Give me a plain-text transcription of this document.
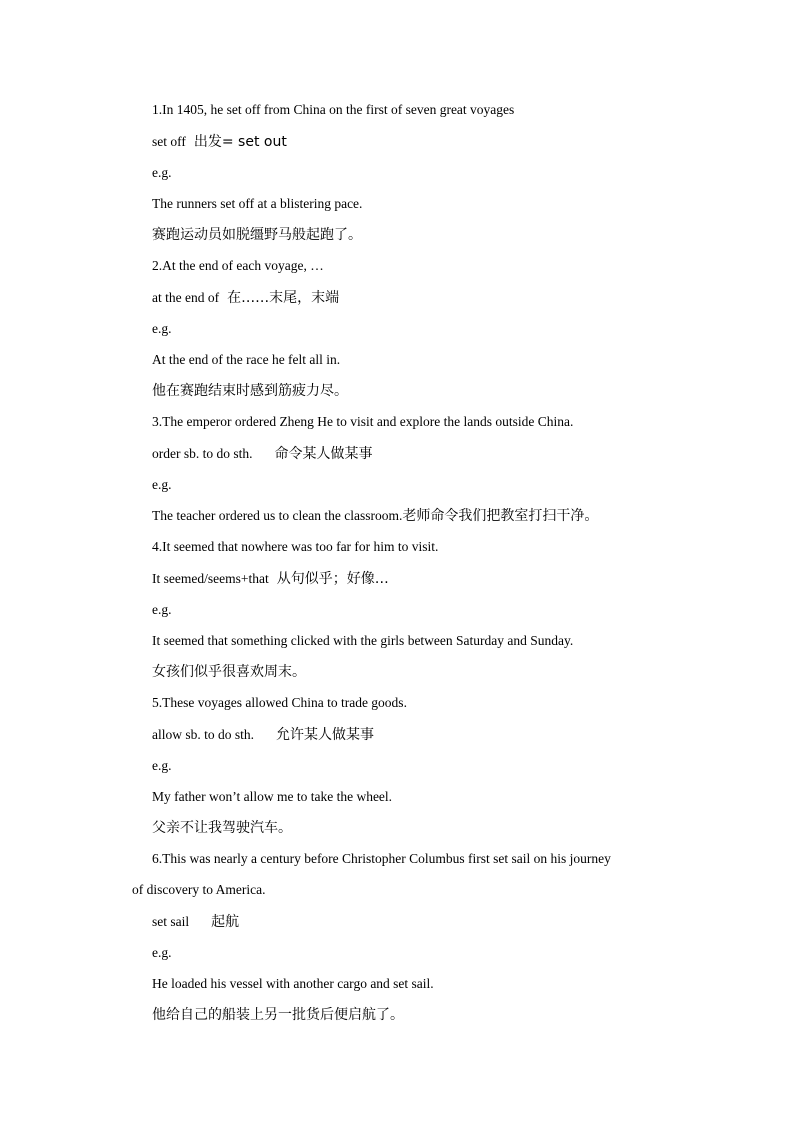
1.In 1405, he set off from China on the first of seven great voyages
set off 出发= set out
e.g.
The runners set off at a blistering pace.
赛跑运动员如脱缰野马般起跑了。
2.At the end of each voyage, …
at the end of 在……末尾，末端
e.g.
At the end of the race he felt all in.
他在赛跑结束时感到筋疲力尽。
3.The emperor ordered Zheng He to visit and explore the lands outside China.
order sb. to do sth. 命令某人做某事
e.g.
The teacher ordered us to clean the classroom.老师命令我们把教室打扫干净。
4.It seemed that nowhere was too far for him to visit.
It seemed/seems+that 从句似乎；好像…
e.g.
It seemed that something clicked with the girls between Saturday and Sunday.
女孩们似乎很喜欢周末。
5.These voyages allowed China to trade goods.
allow sb. to do sth. 允许某人做某事
e.g.
My father won’t allow me to take the wheel.
父亲不让我驾驶汽车。
6.This was nearly a century before Christopher Columbus first set sail on his journey
of discovery to America.
set sail 起航
e.g.
He loaded his vessel with another cargo and set sail.
他给自己的船装上另一批货后便启航了。
